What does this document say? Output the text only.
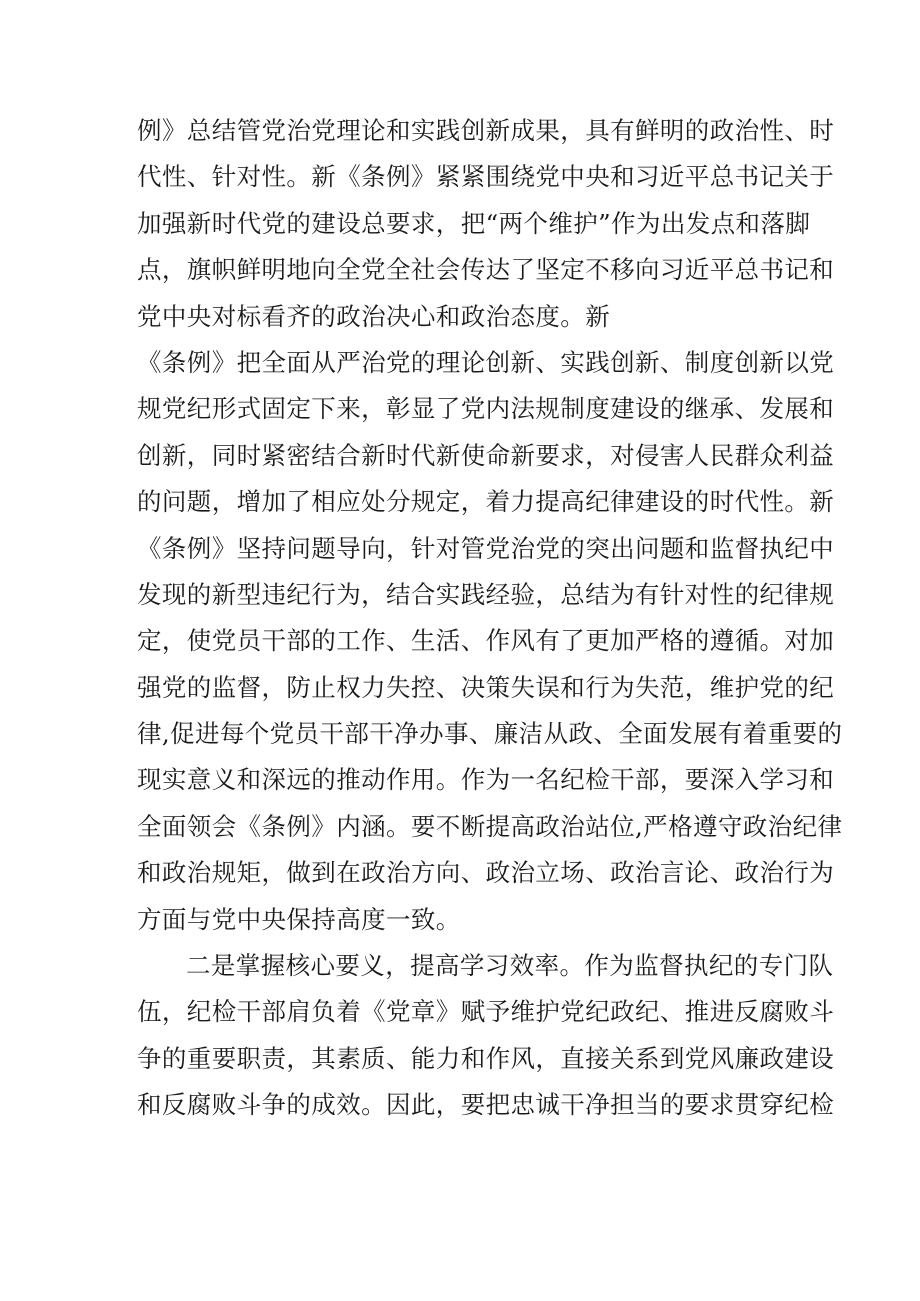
例》总结管党治党理论和实践创新成果，具有鲜明的政治性、时
代性、针对性。新《条例》紧紧围绕党中央和习近平总书记关于
加强新时代党的建设总要求，把“两个维护”作为出发点和落脚
点，旗帜鲜明地向全党全社会传达了坚定不移向习近平总书记和
党中央对标看齐的政治决心和政治态度。新
《条例》把全面从严治党的理论创新、实践创新、制度创新以党
规党纪形式固定下来，彰显了党内法规制度建设的继承、发展和
创新，同时紧密结合新时代新使命新要求，对侵害人民群众利益
的问题，增加了相应处分规定，着力提高纪律建设的时代性。新
《条例》坚持问题导向，针对管党治党的突出问题和监督执纪中
发现的新型违纪行为，结合实践经验，总结为有针对性的纪律规
定，使党员干部的工作、生活、作风有了更加严格的遵循。对加
强党的监督，防止权力失控、决策失误和行为失范，维护党的纪
律,促进每个党员干部干净办事、廉洁从政、全面发展有着重要的
现实意义和深远的推动作用。作为一名纪检干部，要深入学习和
全面领会《条例》内涵。要不断提高政治站位,严格遵守政治纪律
和政治规矩，做到在政治方向、政治立场、政治言论、政治行为
方面与党中央保持高度一致。
二是掌握核心要义，提高学习效率。作为监督执纪的专门队
伍，纪检干部肩负着《党章》赋予维护党纪政纪、推进反腐败斗
争的重要职责，其素质、能力和作风，直接关系到党风廉政建设
和反腐败斗争的成效。因此，要把忠诚干净担当的要求贯穿纪检
